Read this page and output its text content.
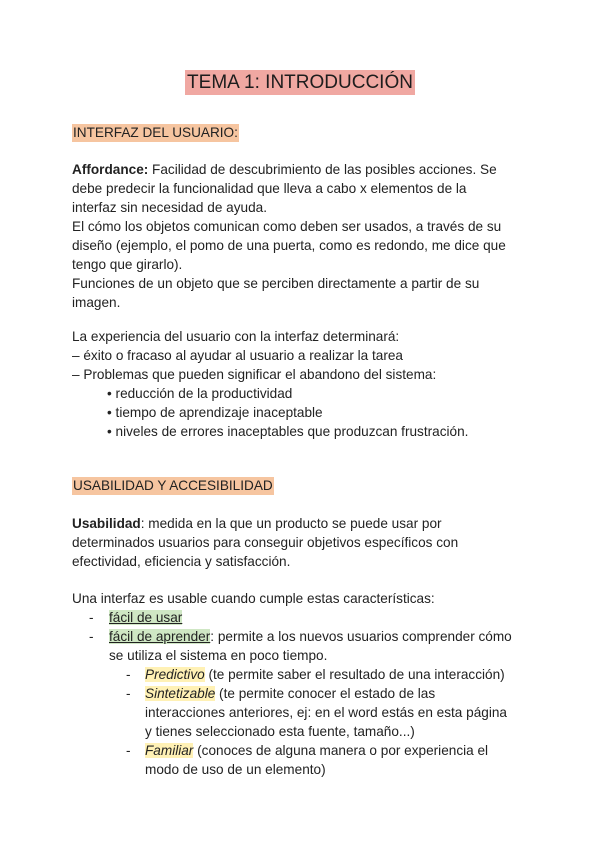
TEMA 1: INTRODUCCIÓN
INTERFAZ DEL USUARIO:
Affordance: Facilidad de descubrimiento de las posibles acciones. Se
debe predecir la funcionalidad que lleva a cabo x elementos de la
interfaz sin necesidad de ayuda.
El cómo los objetos comunican como deben ser usados, a través de su
diseño (ejemplo, el pomo de una puerta, como es redondo, me dice que
tengo que girarlo).
Funciones de un objeto que se perciben directamente a partir de su
imagen.
La experiencia del usuario con la interfaz determinará:
– éxito o fracaso al ayudar al usuario a realizar la tarea
– Problemas que pueden significar el abandono del sistema:
• reducción de la productividad
• tiempo de aprendizaje inaceptable
• niveles de errores inaceptables que produzcan frustración.
USABILIDAD Y ACCESIBILIDAD
Usabilidad: medida en la que un producto se puede usar por
determinados usuarios para conseguir objetivos específicos con
efectividad, eficiencia y satisfacción.
Una interfaz es usable cuando cumple estas características:
- fácil de usar
- fácil de aprender: permite a los nuevos usuarios comprender cómo
se utiliza el sistema en poco tiempo.
- Predictivo (te permite saber el resultado de una interacción)
- Sintetizable (te permite conocer el estado de las
interacciones anteriores, ej: en el word estás en esta página
y tienes seleccionado esta fuente, tamaño...)
- Familiar (conoces de alguna manera o por experiencia el
modo de uso de un elemento)
